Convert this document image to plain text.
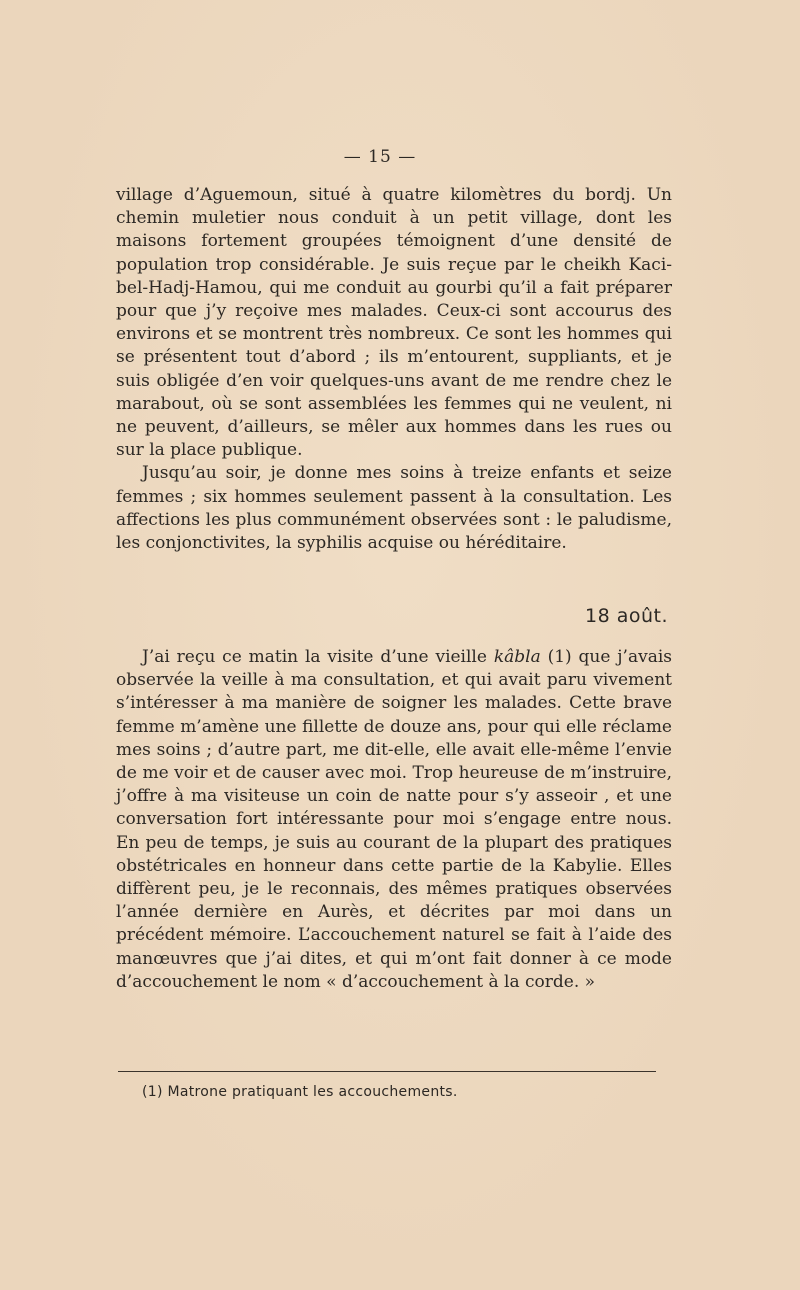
— 15 —

village d’Aguemoun, situé à quatre kilomètres du bordj. Un chemin muletier nous conduit à un petit village, dont les maisons fortement groupées témoignent d’une densité de population trop considérable. Je suis reçue par le cheikh Kaci-bel-Hadj-Hamou, qui me conduit au gourbi qu’il a fait préparer pour que j’y reçoive mes malades. Ceux-ci sont accourus des environs et se montrent très nombreux. Ce sont les hommes qui se présentent tout d’abord ; ils m’entourent, suppliants, et je suis obligée d’en voir quelques-uns avant de me rendre chez le marabout, où se sont assemblées les femmes qui ne veulent, ni ne peuvent, d’ailleurs, se mêler aux hommes dans les rues ou sur la place publique.

Jusqu’au soir, je donne mes soins à treize enfants et seize femmes ; six hommes seulement passent à la consultation. Les affections les plus communément observées sont : le paludisme, les conjonctivites, la syphilis acquise ou héréditaire.

18 août.

J’ai reçu ce matin la visite d’une vieille kâbla (1) que j’avais observée la veille à ma consultation, et qui avait paru vivement s’intéresser à ma manière de soigner les malades. Cette brave femme m’amène une fillette de douze ans, pour qui elle réclame mes soins ; d’autre part, me dit-elle, elle avait elle-même l’envie de me voir et de causer avec moi. Trop heureuse de m’instruire, j’offre à ma visiteuse un coin de natte pour s’y asseoir , et une conversation fort intéressante pour moi s’engage entre nous. En peu de temps, je suis au courant de la plupart des pratiques obstétricales en honneur dans cette partie de la Kabylie. Elles diffèrent peu, je le reconnais, des mêmes pratiques observées l’année dernière en Aurès, et décrites par moi dans un précédent mémoire. L’accouchement naturel se fait à l’aide des manœuvres que j’ai dites, et qui m’ont fait donner à ce mode d’accouchement le nom « d’accouchement à la corde. »

(1) Matrone pratiquant les accouchements.
